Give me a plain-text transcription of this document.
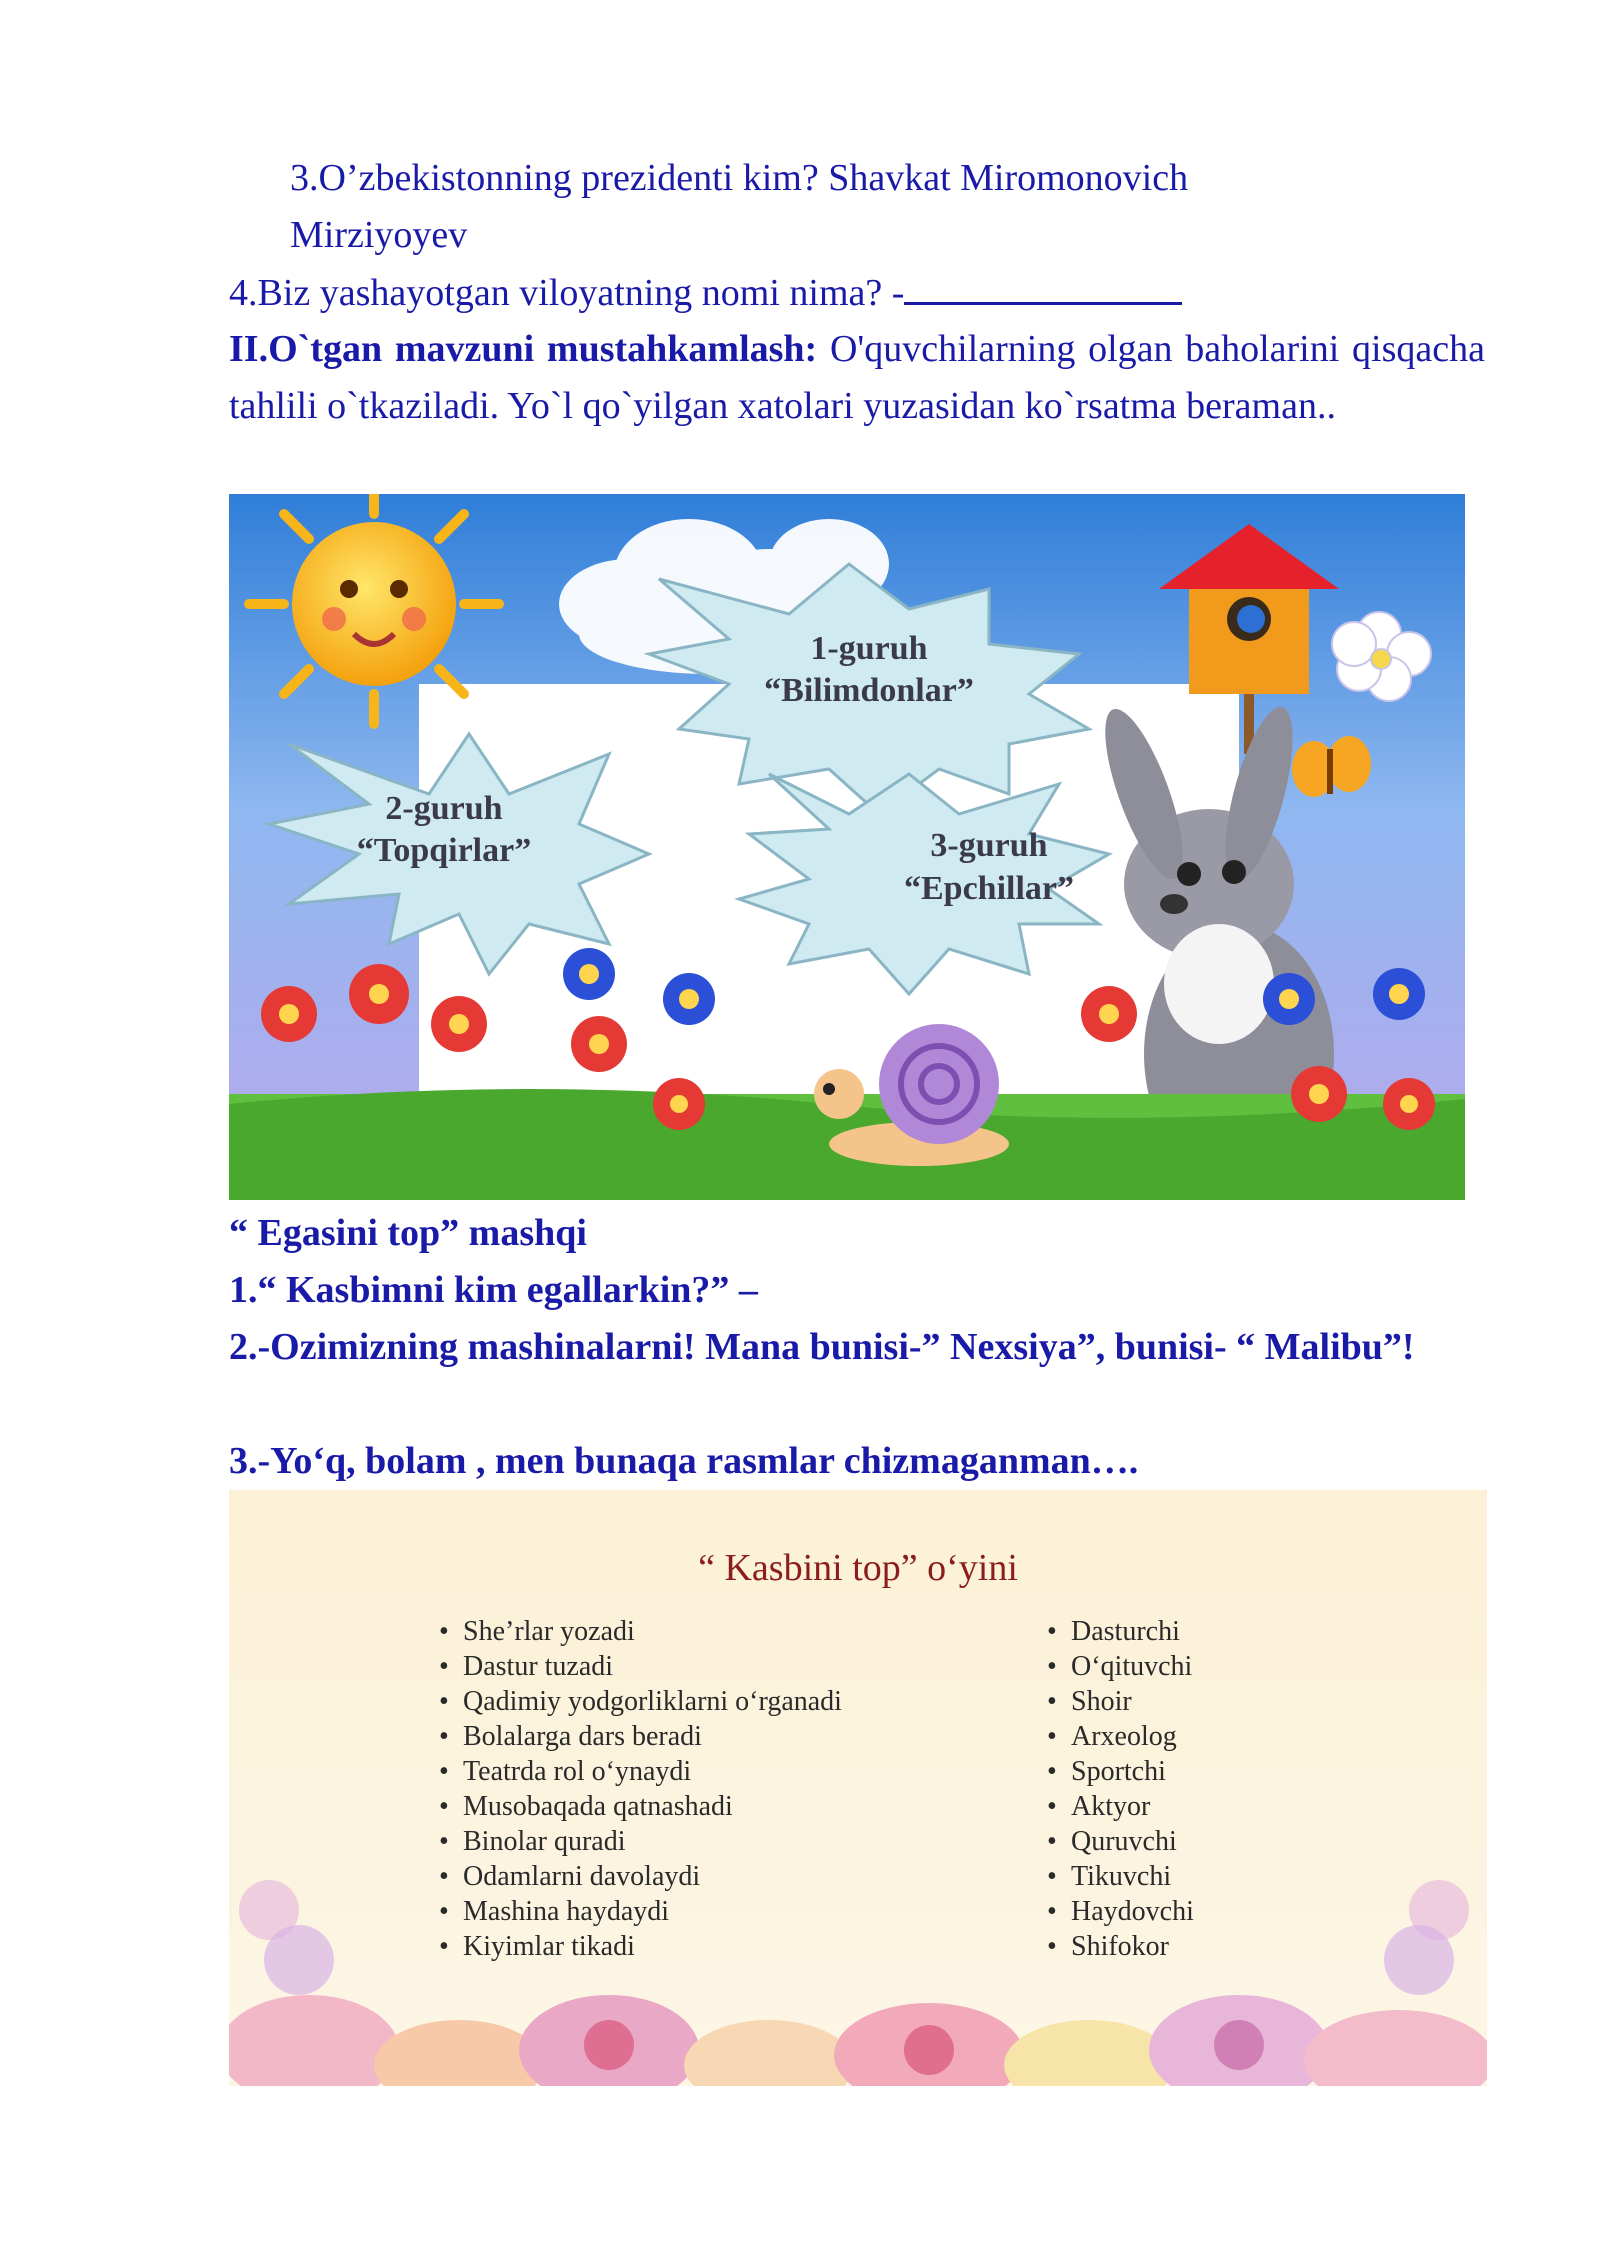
3.O’zbekistonning prezidenti kim? Shavkat Miromonovich
Mirziyoyev
4.Biz yashayotgan viloyatning nomi nima? -
II.O`tgan mavzuni mustahkamlash: O'quvchilarning olgan baholarini qisqacha tahlili o`tkaziladi. Yo`l qo`yilgan xatolari yuzasidan ko`rsatma beraman..
1-guruh
“Bilimdonlar”
2-guruh
“Topqirlar”	3-guruh
“Epchillar”
“ Egasini top” mashqi
1.“ Kasbimni kim egallarkin?” –
2.-Ozimizning mashinalarni! Mana bunisi-” Nexsiya”, bunisi- “ Malibu”!
3.-Yo‘q, bolam , men bunaqa rasmlar chizmaganman….
“ Kasbini top” o‘yini
• She’rlar yozadi
• Dastur tuzadi
• Qadimiy yodgorliklarni o‘rganadi
• Bolalarga dars beradi
• Teatrda rol o‘ynaydi
• Musobaqada qatnashadi
• Binolar quradi
• Odamlarni davolaydi
• Mashina haydaydi
• Kiyimlar tikadi
• Dasturchi
• O‘qituvchi
• Shoir
• Arxeolog
• Sportchi
• Aktyor
• Quruvchi
• Tikuvchi
• Haydovchi
• Shifokor
